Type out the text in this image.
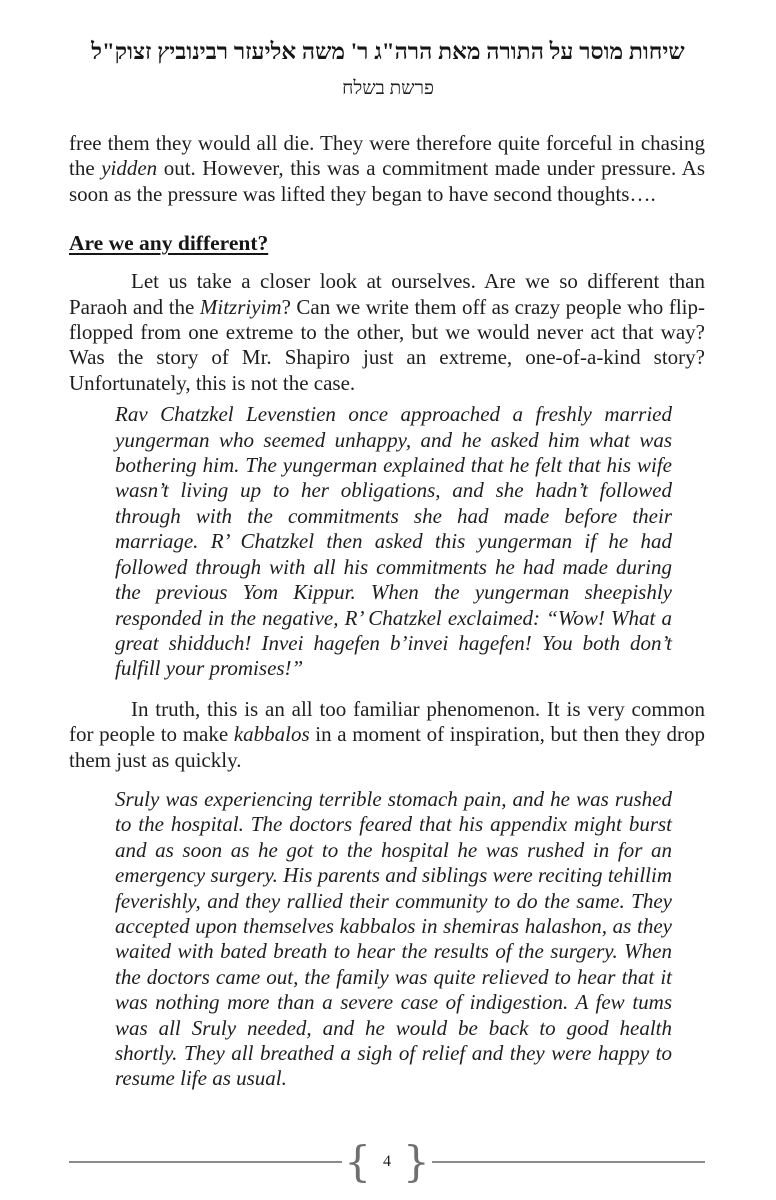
שיחות מוסר על התורה מאת הרה"ג ר' משה אליעזר רבינוביץ זצוק"ל
פרשת בשלח

free them they would all die. They were therefore quite forceful in chasing the yidden out. However, this was a commitment made under pressure. As soon as the pressure was lifted they began to have second thoughts….

Are we any different?

Let us take a closer look at ourselves. Are we so different than Paraoh and the Mitzriyim? Can we write them off as crazy people who flip-flopped from one extreme to the other, but we would never act that way? Was the story of Mr. Shapiro just an extreme, one-of-a-kind story? Unfortunately, this is not the case.

Rav Chatzkel Levenstien once approached a freshly married yungerman who seemed unhappy, and he asked him what was bothering him. The yungerman explained that he felt that his wife wasn’t living up to her obligations, and she hadn’t followed through with the commitments she had made before their marriage. R’ Chatzkel then asked this yungerman if he had followed through with all his commitments he had made during the previous Yom Kippur. When the yungerman sheepishly responded in the negative, R’ Chatzkel exclaimed: “Wow! What a great shidduch! Invei hagefen b’invei hagefen! You both don’t fulfill your promises!”

In truth, this is an all too familiar phenomenon. It is very common for people to make kabbalos in a moment of inspiration, but then they drop them just as quickly.

Sruly was experiencing terrible stomach pain, and he was rushed to the hospital. The doctors feared that his appendix might burst and as soon as he got to the hospital he was rushed in for an emergency surgery. His parents and siblings were reciting tehillim feverishly, and they rallied their community to do the same. They accepted upon themselves kabbalos in shemiras halashon, as they waited with bated breath to hear the results of the surgery. When the doctors came out, the family was quite relieved to hear that it was nothing more than a severe case of indigestion. A few tums was all Sruly needed, and he would be back to good health shortly. They all breathed a sigh of relief and they were happy to resume life as usual.

{ 4 }
